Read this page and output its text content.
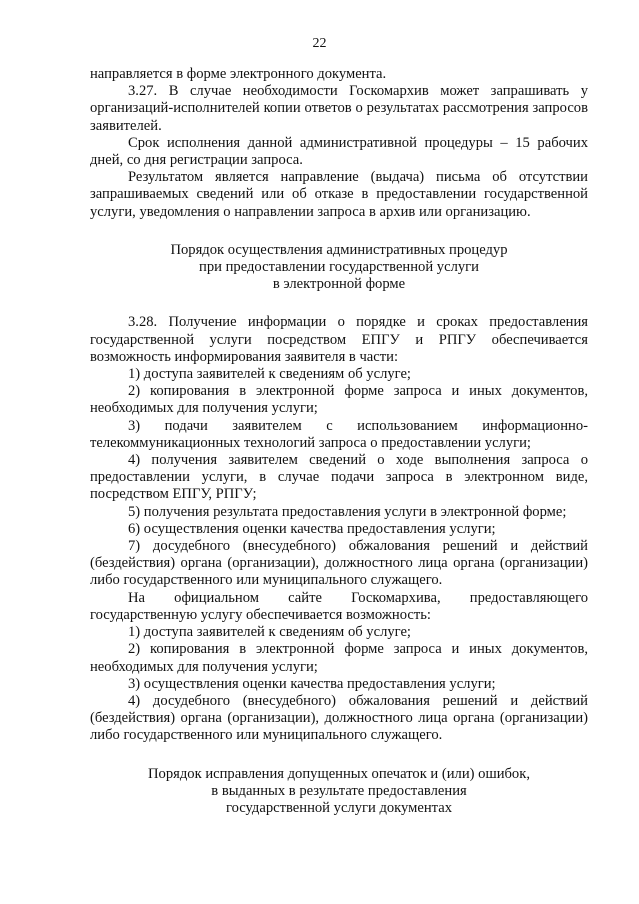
22

направляется в форме электронного документа.

3.27. В случае необходимости Госкомархив может запрашивать у организаций-исполнителей копии ответов о результатах рассмотрения запросов заявителей.

Срок исполнения данной административной процедуры – 15 рабочих дней, со дня регистрации запроса.

Результатом является направление (выдача) письма об отсутствии запрашиваемых сведений или об отказе в предоставлении государственной услуги, уведомления о направлении запроса в архив или организацию.

Порядок осуществления административных процедур

при предоставлении государственной услуги

в электронной форме

3.28. Получение информации о порядке и сроках предоставления государственной услуги посредством ЕПГУ и РПГУ обеспечивается возможность информирования заявителя в части:

1) доступа заявителей к сведениям об услуге;

2) копирования в электронной форме запроса и иных документов, необходимых для получения услуги;

3) подачи заявителем с использованием информационно-телекоммуникационных технологий запроса о предоставлении услуги;

4) получения заявителем сведений о ходе выполнения запроса о предоставлении услуги, в случае подачи запроса в электронном виде, посредством ЕПГУ, РПГУ;

5) получения результата предоставления услуги в электронной форме;

6) осуществления оценки качества предоставления услуги;

7) досудебного (внесудебного) обжалования решений и действий (бездействия) органа (организации), должностного лица органа (организации) либо государственного или муниципального служащего.

На официальном сайте Госкомархива, предоставляющего государственную услугу обеспечивается возможность:

1) доступа заявителей к сведениям об услуге;

2) копирования в электронной форме запроса и иных документов, необходимых для получения услуги;

3) осуществления оценки качества предоставления услуги;

4) досудебного (внесудебного) обжалования решений и действий (бездействия) органа (организации), должностного лица органа (организации) либо государственного или муниципального служащего.

Порядок исправления допущенных опечаток и (или) ошибок,

в выданных в результате предоставления

государственной услуги документах
